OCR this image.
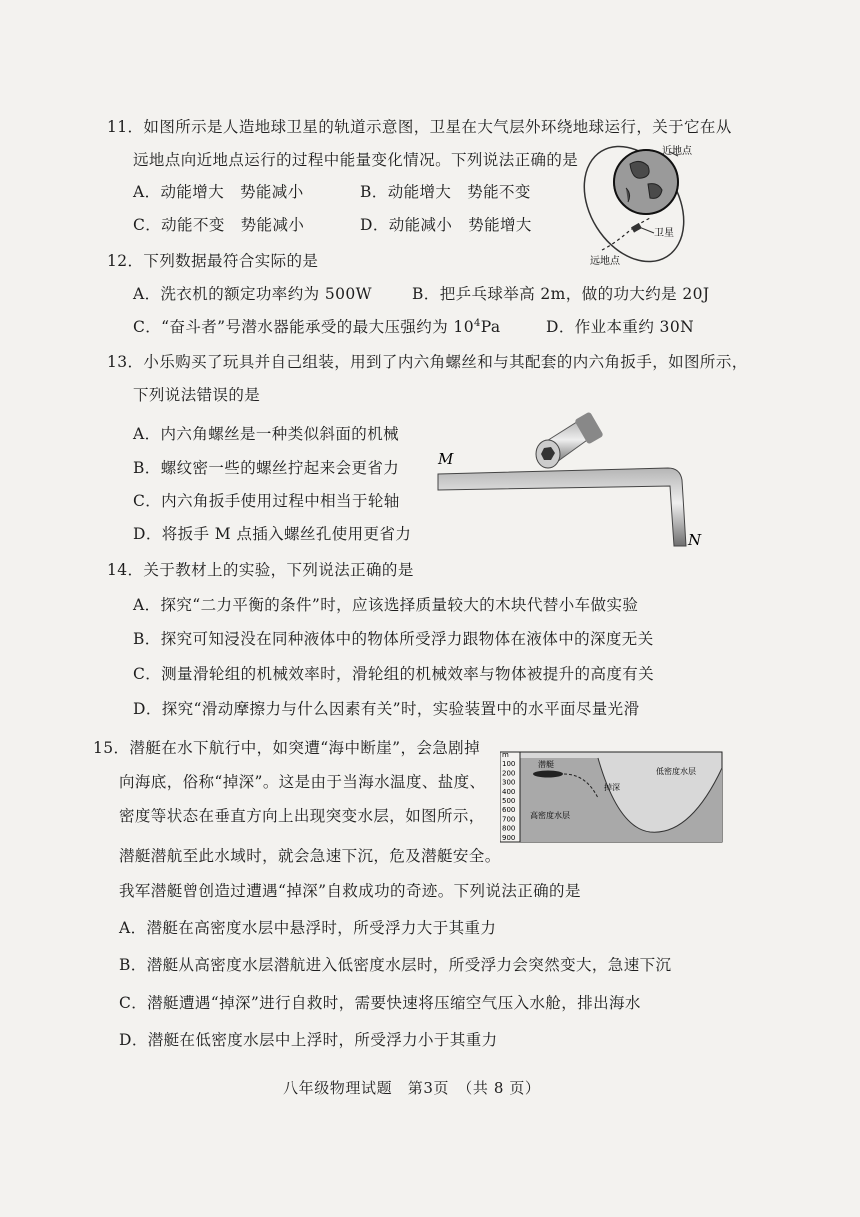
11．如图所示是人造地球卫星的轨道示意图，卫星在大气层外环绕地球运行，关于它在从
远地点向近地点运行的过程中能量变化情况。下列说法正确的是
A．动能增大　势能减小	B．动能增大　势能不变
C．动能不变　势能减小	D．动能减小　势能增大
近地点
卫星
远地点
12．下列数据最符合实际的是
A．洗衣机的额定功率约为 500W	B．把乒乓球举高 2m，做的功大约是 20J
C．“奋斗者”号潜水器能承受的最大压强约为 $10^4Pa$	D．作业本重约 30N
13．小乐购买了玩具并自己组装，用到了内六角螺丝和与其配套的内六角扳手，如图所示，
下列说法错误的是
A．内六角螺丝是一种类似斜面的机械
B．螺纹密一些的螺丝拧起来会更省力
C．内六角扳手使用过程中相当于轮轴
D．将扳手 M 点插入螺丝孔使用更省力
M
N
14．关于教材上的实验，下列说法正确的是
A．探究“二力平衡的条件”时，应该选择质量较大的木块代替小车做实验
B．探究可知浸没在同种液体中的物体所受浮力跟物体在液体中的深度无关
C．测量滑轮组的机械效率时，滑轮组的机械效率与物体被提升的高度有关
D．探究“滑动摩擦力与什么因素有关”时，实验装置中的水平面尽量光滑
15．潜艇在水下航行中，如突遭“海中断崖”，会急剧掉
向海底，俗称“掉深”。这是由于当海水温度、盐度、
密度等状态在垂直方向上出现突变水层，如图所示，
潜艇潜航至此水域时，就会急速下沉，危及潜艇安全。
我军潜艇曾创造过遭遇“掉深”自救成功的奇迹。下列说法正确的是
A．潜艇在高密度水层中悬浮时，所受浮力大于其重力
B．潜艇从高密度水层潜航进入低密度水层时，所受浮力会突然变大，急速下沉
C．潜艇遭遇“掉深”进行自救时，需要快速将压缩空气压入水舱，排出海水
D．潜艇在低密度水层中上浮时，所受浮力小于其重力
100
200
300
400
500
600
700
800
900
m
潜艇
掉深
低密度水层
高密度水层
八年级物理试题　第3页　（共 8 页）
